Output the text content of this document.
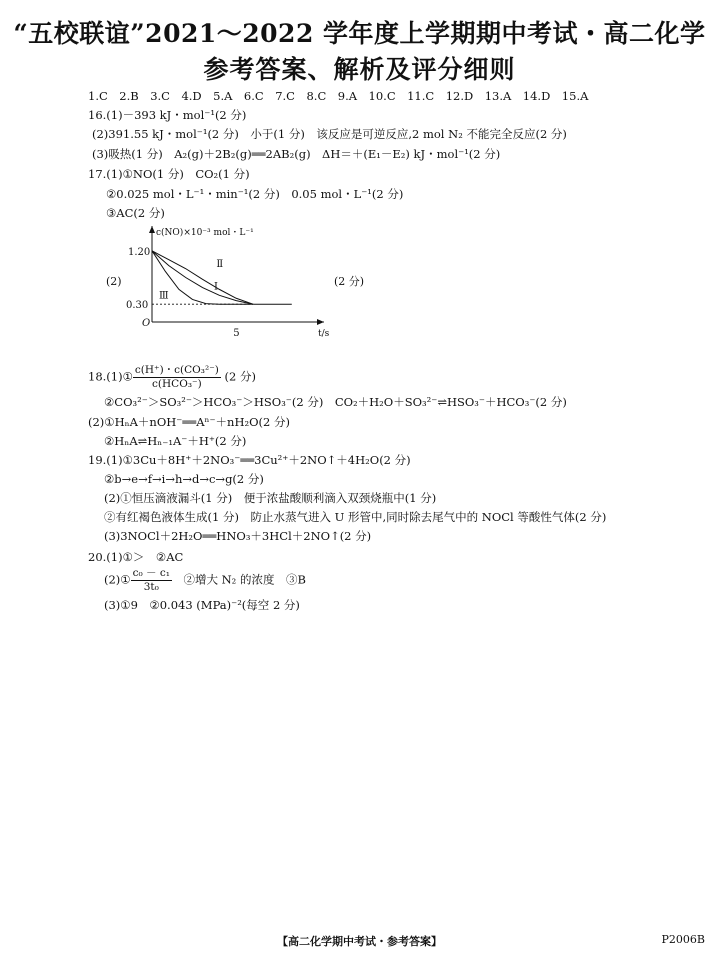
“五校联谊”2021～2022 学年度上学期期中考试・高二化学
参考答案、解析及评分细则
1.C　2.B　3.C　4.D　5.A　6.C　7.C　8.C　9.A　10.C　11.C　12.D　13.A　14.D　15.A
16.(1)－393 kJ・mol⁻¹(2 分)
(2)391.55 kJ・mol⁻¹(2 分)　小于(1 分)　该反应是可逆反应,2 mol N₂ 不能完全反应(2 分)
(3)吸热(1 分)　A₂(g)＋2B₂(g)══2AB₂(g)　ΔH＝＋(E₁－E₂) kJ・mol⁻¹(2 分)
17.(1)①NO(1 分)　CO₂(1 分)
②0.025 mol・L⁻¹・min⁻¹(2 分)　0.05 mol・L⁻¹(2 分)
③AC(2 分)
c(NO)×10⁻³ mol・L⁻¹
1.20
0.30
O
5	t/s
Ⅰ
Ⅱ
Ⅲ
(2)	(2 分)
18.(1)① $\frac{\text{c(H⁺)・c(CO₃²⁻)}}{\text{c(HCO₃⁻)}} (2$ 分)
②CO₃²⁻＞SO₃²⁻＞HCO₃⁻＞HSO₃⁻(2 分)　CO₂＋H₂O＋SO₃²⁻⇌HSO₃⁻＋HCO₃⁻(2 分)
(2)①HₙA＋nOH⁻══Aⁿ⁻＋nH₂O(2 分)
②HₙA⇌Hₙ₋₁A⁻＋H⁺(2 分)
19.(1)①3Cu＋8H⁺＋2NO₃⁻══3Cu²⁺＋2NO↑＋4H₂O(2 分)
②b→e→f→i→h→d→c→g(2 分)
(2)①恒压滴液漏斗(1 分)　便于浓盐酸顺利滴入双颈烧瓶中(1 分)
②有红褐色液体生成(1 分)　防止水蒸气进入 U 形管中,同时除去尾气中的 NOCl 等酸性气体(2 分)
(3)3NOCl＋2H₂O══HNO₃＋3HCl＋2NO↑(2 分)
20.(1)①＞　②AC
(2)① $\frac{\text{c₀ － c₁}}{\text{3t₀}}$ 　②增大 N₂ 的浓度　③B
(3)①9　②0.043 (MPa)⁻²(每空 2 分)
【高二化学期中考试・参考答案】	P2006B
